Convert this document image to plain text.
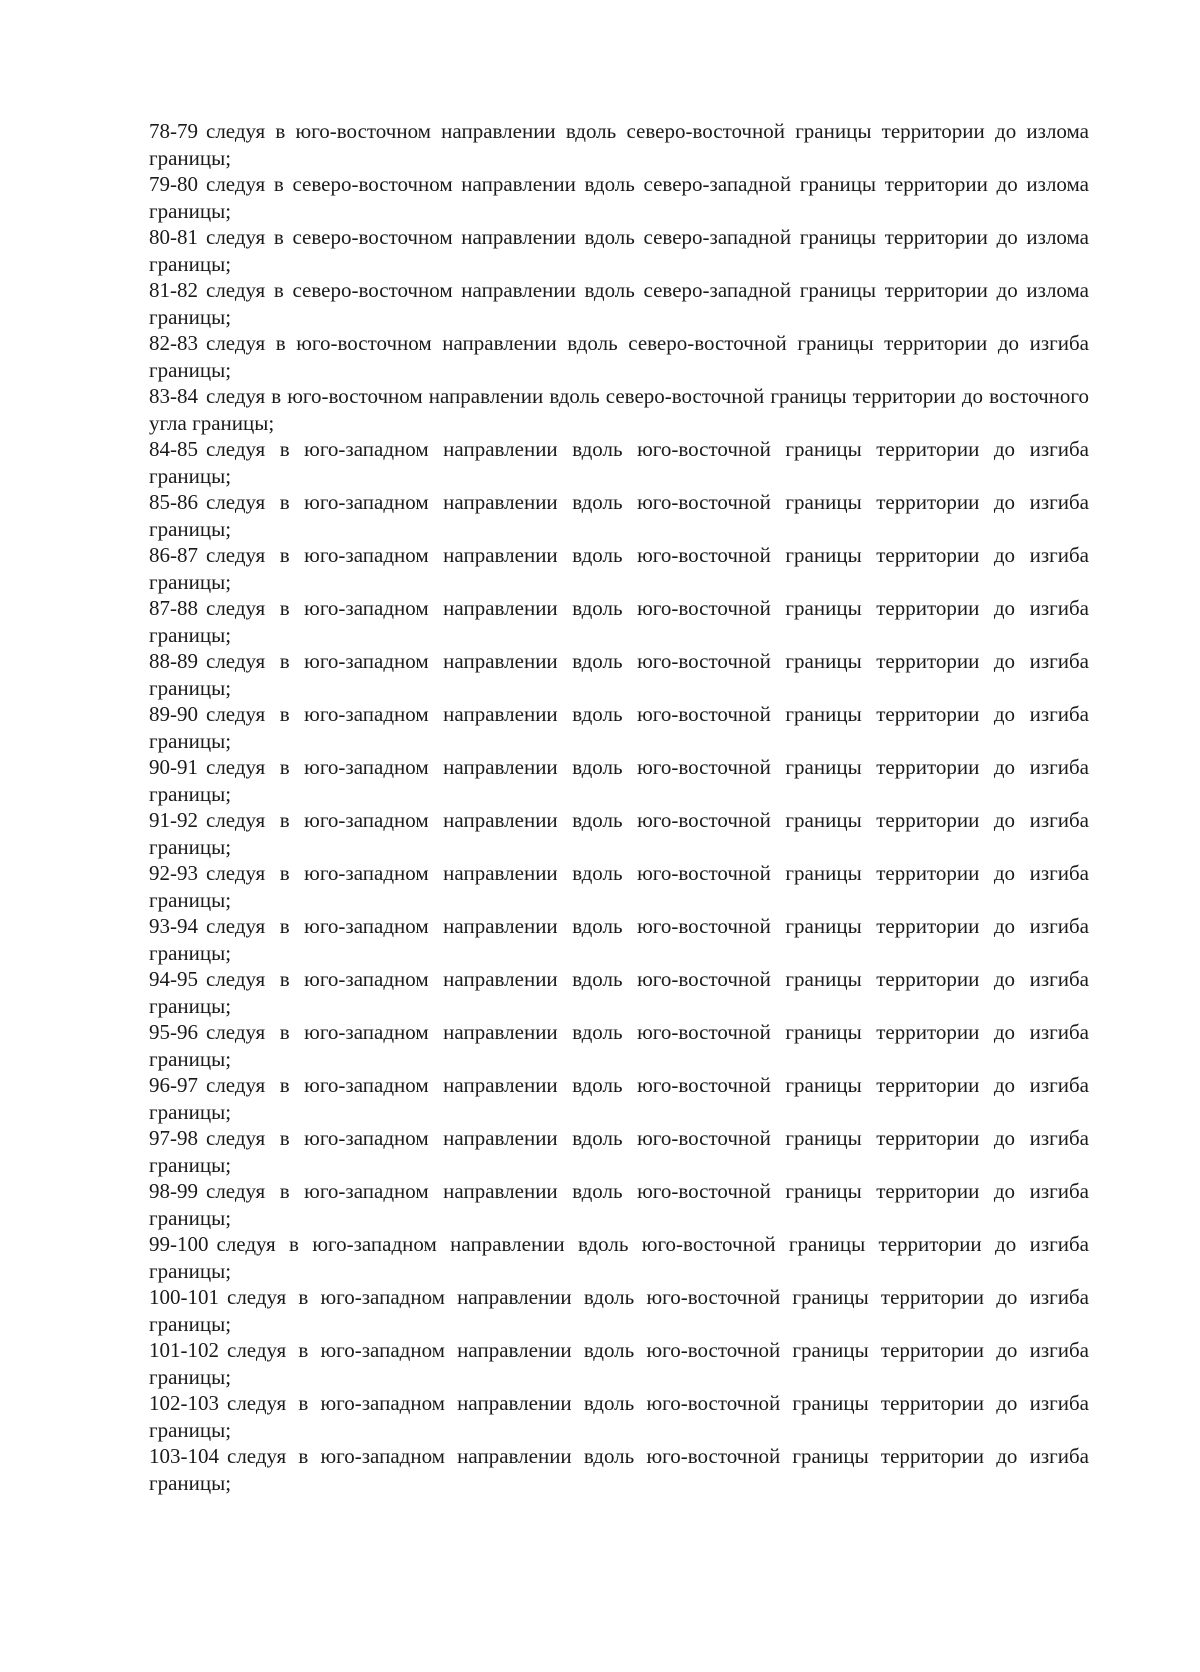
78-79 следуя в юго-восточном направлении вдоль северо-восточной границы территории до излома границы;

79-80 следуя в северо-восточном направлении вдоль северо-западной границы территории до излома границы;

80-81 следуя в северо-восточном направлении вдоль северо-западной границы территории до излома границы;

81-82 следуя в северо-восточном направлении вдоль северо-западной границы территории до излома границы;

82-83 следуя в юго-восточном направлении вдоль северо-восточной границы территории до изгиба границы;

83-84 следуя в юго-восточном направлении вдоль северо-восточной границы территории до восточного угла границы;

84-85 следуя в юго-западном направлении вдоль юго-восточной границы территории до изгиба границы;

85-86 следуя в юго-западном направлении вдоль юго-восточной границы территории до изгиба границы;

86-87 следуя в юго-западном направлении вдоль юго-восточной границы территории до изгиба границы;

87-88 следуя в юго-западном направлении вдоль юго-восточной границы территории до изгиба границы;

88-89 следуя в юго-западном направлении вдоль юго-восточной границы территории до изгиба границы;

89-90 следуя в юго-западном направлении вдоль юго-восточной границы территории до изгиба границы;

90-91 следуя в юго-западном направлении вдоль юго-восточной границы территории до изгиба границы;

91-92 следуя в юго-западном направлении вдоль юго-восточной границы территории до изгиба границы;

92-93 следуя в юго-западном направлении вдоль юго-восточной границы территории до изгиба границы;

93-94 следуя в юго-западном направлении вдоль юго-восточной границы территории до изгиба границы;

94-95 следуя в юго-западном направлении вдоль юго-восточной границы территории до изгиба границы;

95-96 следуя в юго-западном направлении вдоль юго-восточной границы территории до изгиба границы;

96-97 следуя в юго-западном направлении вдоль юго-восточной границы территории до изгиба границы;

97-98 следуя в юго-западном направлении вдоль юго-восточной границы территории до изгиба границы;

98-99 следуя в юго-западном направлении вдоль юго-восточной границы территории до изгиба границы;

99-100 следуя в юго-западном направлении вдоль юго-восточной границы территории до изгиба границы;

100-101 следуя в юго-западном направлении вдоль юго-восточной границы территории до изгиба границы;

101-102 следуя в юго-западном направлении вдоль юго-восточной границы территории до изгиба границы;

102-103 следуя в юго-западном направлении вдоль юго-восточной границы территории до изгиба границы;

103-104 следуя в юго-западном направлении вдоль юго-восточной границы территории до изгиба границы;
